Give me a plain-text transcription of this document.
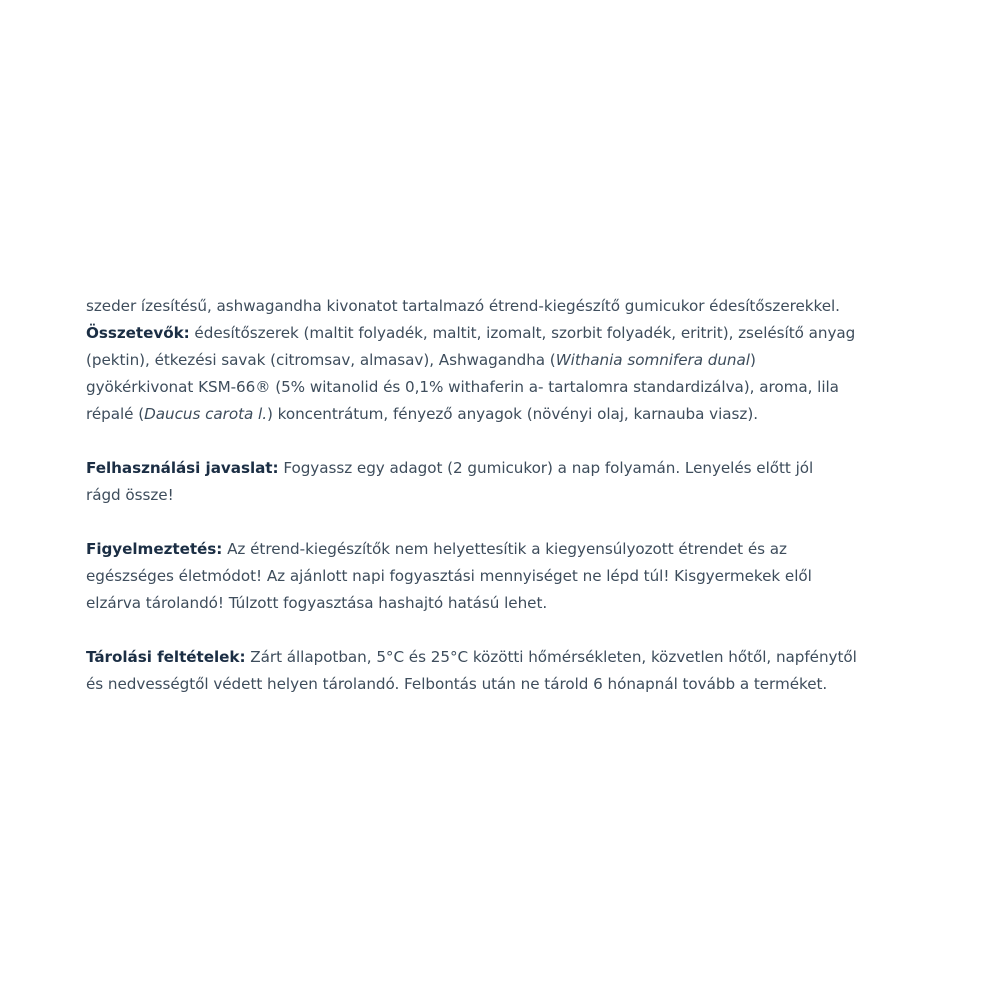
szeder ízesítésű, ashwagandha kivonatot tartalmazó étrend-kiegészítő gumicukor édesítőszerekkel.
Összetevők: édesítőszerek (maltit folyadék, maltit, izomalt, szorbit folyadék, eritrit), zselésítő anyag
(pektin), étkezési savak (citromsav, almasav), Ashwagandha (Withania somnifera dunal)
gyökérkivonat KSM-66® (5% witanolid és 0,1% withaferin a- tartalomra standardizálva), aroma, lila
répalé (Daucus carota l.) koncentrátum, fényező anyagok (növényi olaj, karnauba viasz).

Felhasználási javaslat: Fogyassz egy adagot (2 gumicukor) a nap folyamán. Lenyelés előtt jól
rágd össze!

Figyelmeztetés: Az étrend-kiegészítők nem helyettesítik a kiegyensúlyozott étrendet és az
egészséges életmódot! Az ajánlott napi fogyasztási mennyiséget ne lépd túl! Kisgyermekek elől
elzárva tárolandó! Túlzott fogyasztása hashajtó hatású lehet.

Tárolási feltételek: Zárt állapotban, 5°C és 25°C közötti hőmérsékleten, közvetlen hőtől, napfénytől
és nedvességtől védett helyen tárolandó. Felbontás után ne tárold 6 hónapnál tovább a terméket.
